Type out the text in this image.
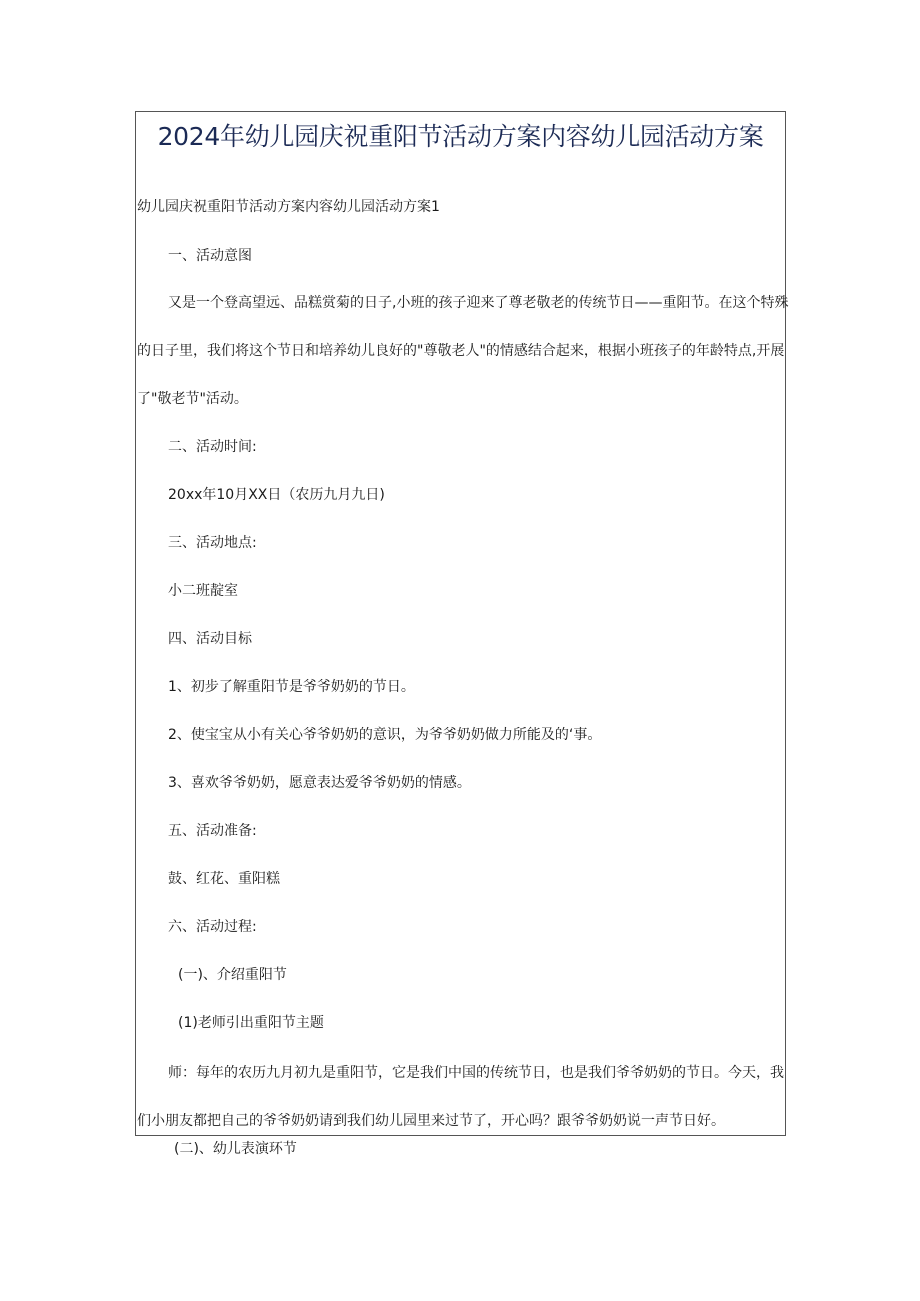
2024年幼儿园庆祝重阳节活动方案内容幼儿园活动方案
幼儿园庆祝重阳节活动方案内容幼儿园活动方案1
一、活动意图
又是一个登高望远、品糕赏菊的日子,小班的孩子迎来了尊老敬老的传统节日——重阳节。在这个特殊
的日子里，我们将这个节日和培养幼儿良好的"尊敬老人"的情感结合起来，根据小班孩子的年龄特点,开展
了"敬老节"活动。
二、活动时间:
20xx年10月XX日（农历九月九日)
三、活动地点:
小二班靛室
四、活动目标
1、初步了解重阳节是爷爷奶奶的节日。
2、使宝宝从小有关心爷爷奶奶的意识，为爷爷奶奶做力所能及的‘事。
3、喜欢爷爷奶奶，愿意表达爱爷爷奶奶的情感。
五、活动准备:
鼓、红花、重阳糕
六、活动过程:
(一)、介绍重阳节
(1)老师引出重阳节主题
师：每年的农历九月初九是重阳节，它是我们中国的传统节日，也是我们爷爷奶奶的节日。今天，我
们小朋友都把自己的爷爷奶奶请到我们幼儿园里来过节了，开心吗？跟爷爷奶奶说一声节日好。
(二)、幼儿表演环节
